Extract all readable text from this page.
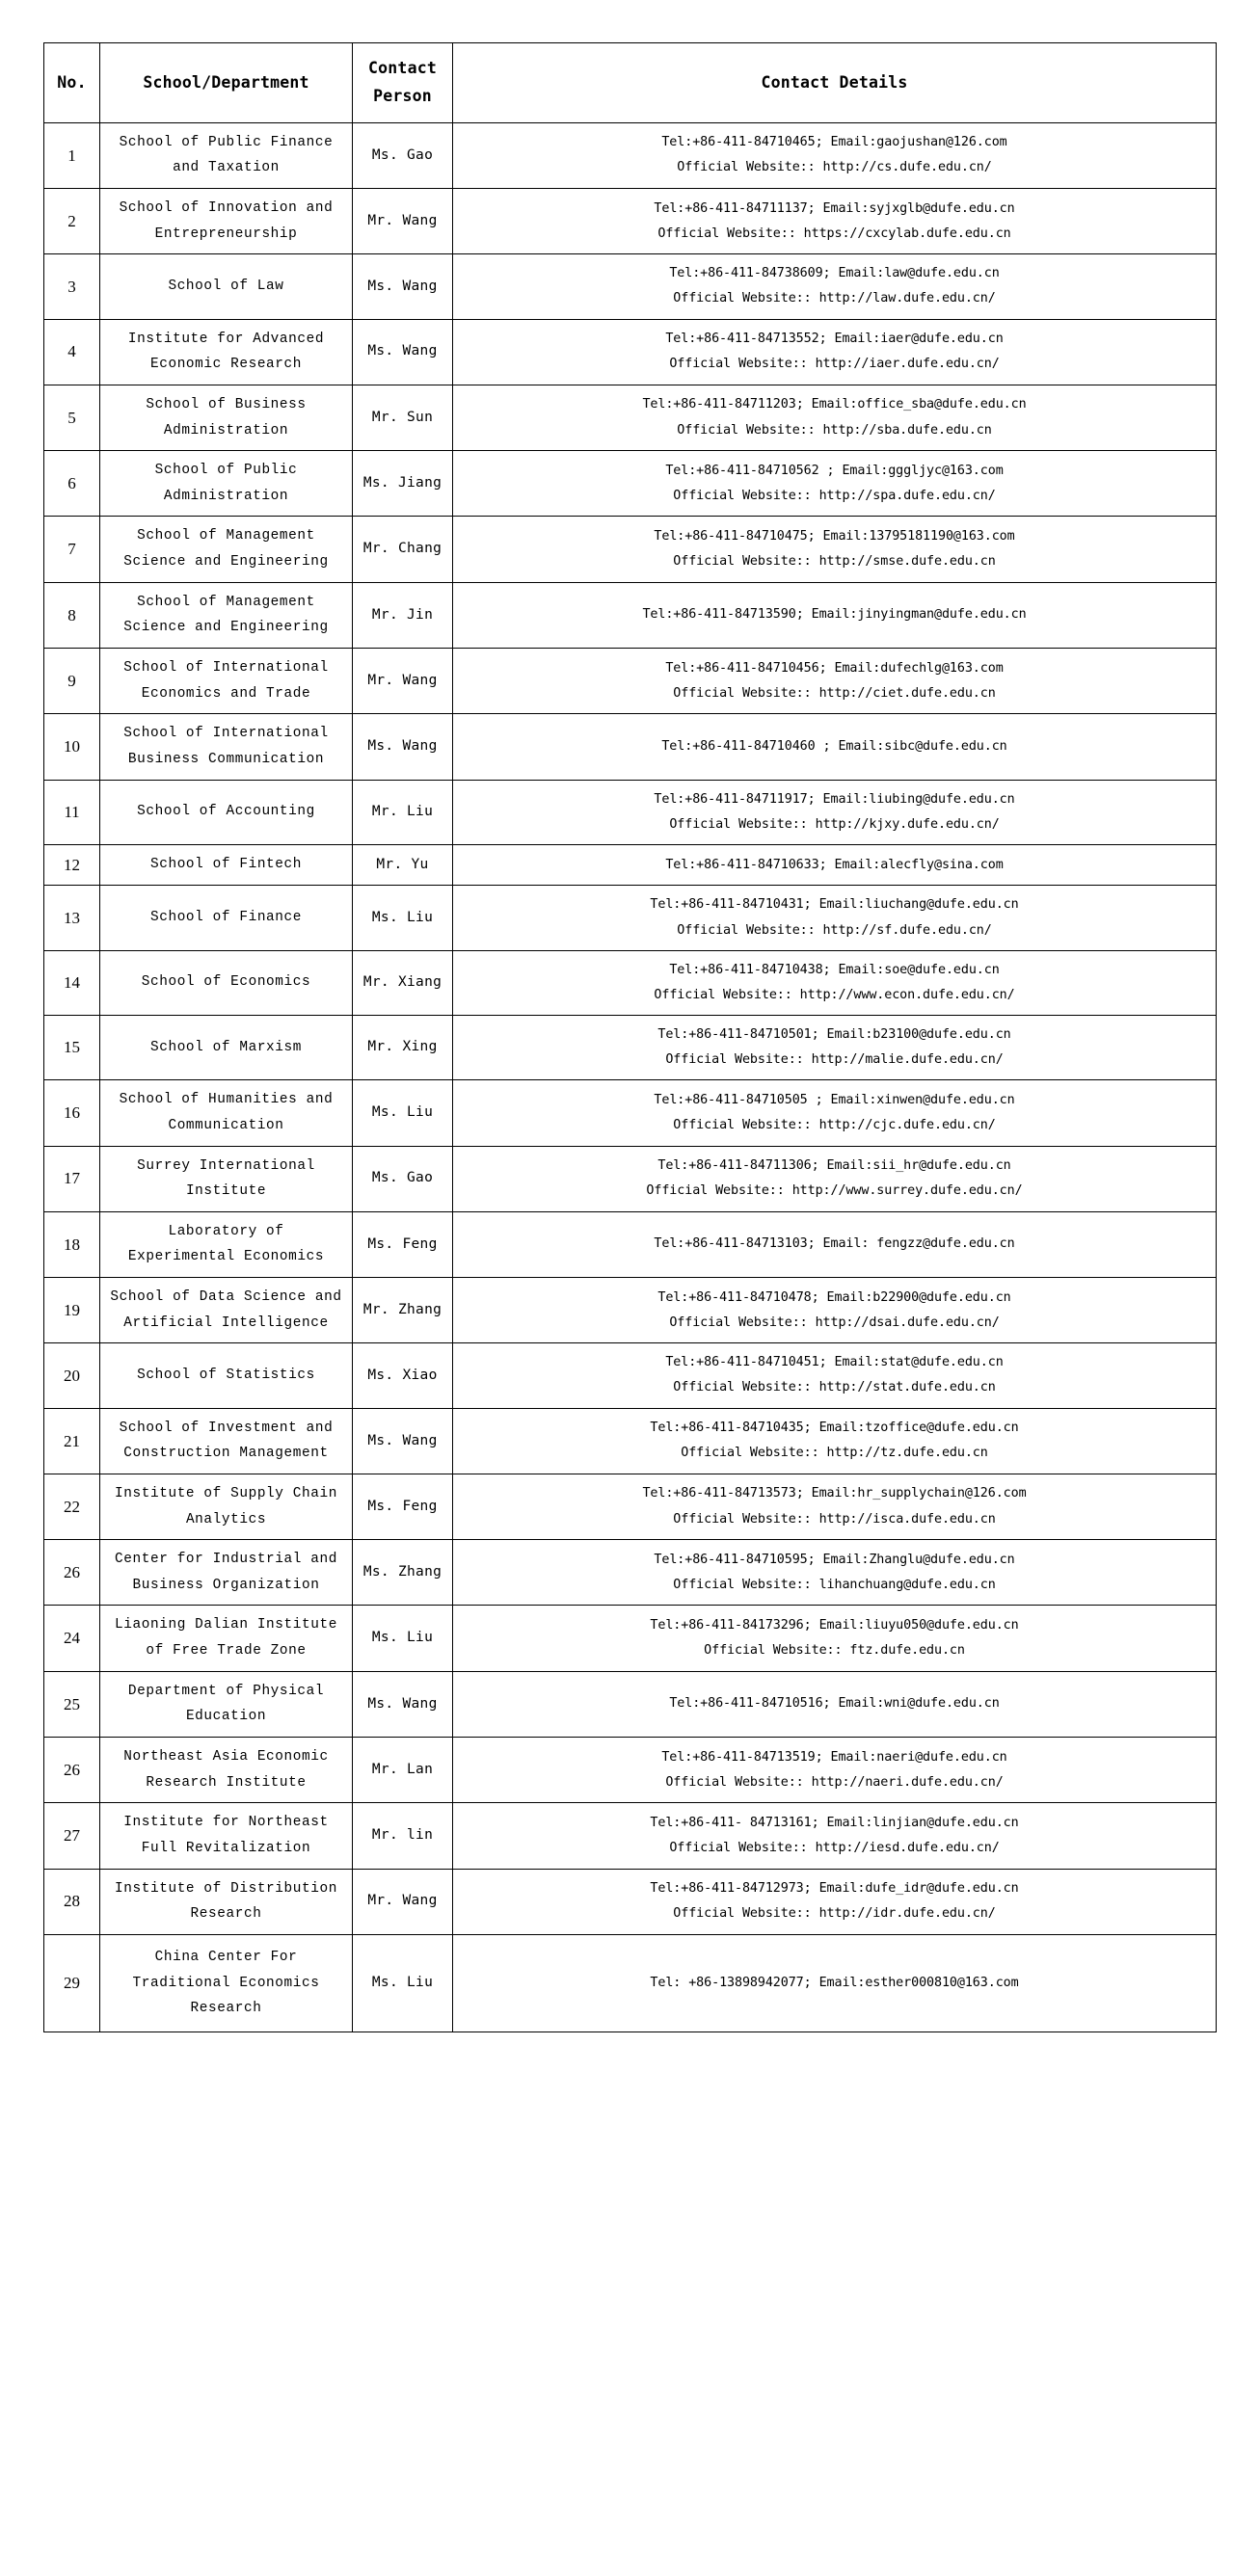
No.	School/Department	Contact
Person	Contact Details
1	School of Public Finance
and Taxation	Ms. Gao	Tel:+86-411-84710465; Email:gaojushan@126.com
Official Website:: http://cs.dufe.edu.cn/

2	School of Innovation and
Entrepreneurship	Mr. Wang	Tel:+86-411-84711137; Email:syjxglb@dufe.edu.cn
Official Website:: https://cxcylab.dufe.edu.cn

3	School of Law	Ms. Wang	Tel:+86-411-84738609; Email:law@dufe.edu.cn
Official Website:: http://law.dufe.edu.cn/

4	Institute for Advanced
Economic Research	Ms. Wang	Tel:+86-411-84713552; Email:iaer@dufe.edu.cn
Official Website:: http://iaer.dufe.edu.cn/

5	School of Business
Administration	Mr. Sun	Tel:+86-411-84711203; Email:office_sba@dufe.edu.cn
Official Website:: http://sba.dufe.edu.cn

6	School of Public
Administration	Ms. Jiang	Tel:+86-411-84710562 ; Email:gggljyc@163.com
Official Website:: http://spa.dufe.edu.cn/

7	School of Management
Science and Engineering	Mr. Chang	Tel:+86-411-84710475; Email:13795181190@163.com
Official Website:: http://smse.dufe.edu.cn

8	School of Management
Science and Engineering	Mr. Jin	Tel:+86-411-84713590; Email:jinyingman@dufe.edu.cn

9	School of International
Economics and Trade	Mr. Wang	Tel:+86-411-84710456; Email:dufechlg@163.com
Official Website:: http://ciet.dufe.edu.cn

10	School of International
Business Communication	Ms. Wang	Tel:+86-411-84710460 ; Email:sibc@dufe.edu.cn

11	School of Accounting	Mr. Liu	Tel:+86-411-84711917; Email:liubing@dufe.edu.cn
Official Website:: http://kjxy.dufe.edu.cn/

12	School of Fintech	Mr. Yu	Tel:+86-411-84710633; Email:alecfly@sina.com

13	School of Finance	Ms. Liu	Tel:+86-411-84710431; Email:liuchang@dufe.edu.cn
Official Website:: http://sf.dufe.edu.cn/

14	School of Economics	Mr. Xiang	Tel:+86-411-84710438; Email:soe@dufe.edu.cn
Official Website:: http://www.econ.dufe.edu.cn/

15	School of Marxism	Mr. Xing	Tel:+86-411-84710501; Email:b23100@dufe.edu.cn
Official Website:: http://malie.dufe.edu.cn/

16	School of Humanities and
Communication	Ms. Liu	Tel:+86-411-84710505 ; Email:xinwen@dufe.edu.cn
Official Website:: http://cjc.dufe.edu.cn/

17	Surrey International
Institute	Ms. Gao	Tel:+86-411-84711306; Email:sii_hr@dufe.edu.cn
Official Website:: http://www.surrey.dufe.edu.cn/

18	Laboratory of
Experimental Economics	Ms. Feng	Tel:+86-411-84713103; Email: fengzz@dufe.edu.cn

19	School of Data Science and
Artificial Intelligence	Mr. Zhang	Tel:+86-411-84710478; Email:b22900@dufe.edu.cn
Official Website:: http://dsai.dufe.edu.cn/

20	School of Statistics	Ms. Xiao	Tel:+86-411-84710451; Email:stat@dufe.edu.cn
Official Website:: http://stat.dufe.edu.cn

21	School of Investment and
Construction Management	Ms. Wang	Tel:+86-411-84710435; Email:tzoffice@dufe.edu.cn
Official Website:: http://tz.dufe.edu.cn

22	Institute of Supply Chain
Analytics	Ms. Feng	Tel:+86-411-84713573; Email:hr_supplychain@126.com
Official Website:: http://isca.dufe.edu.cn

26	Center for Industrial and
Business Organization	Ms. Zhang	Tel:+86-411-84710595; Email:Zhanglu@dufe.edu.cn
Official Website:: lihanchuang@dufe.edu.cn

24	Liaoning Dalian Institute
of Free Trade Zone	Ms. Liu	Tel:+86-411-84173296; Email:liuyu050@dufe.edu.cn
Official Website:: ftz.dufe.edu.cn

25	Department of Physical
Education	Ms. Wang	Tel:+86-411-84710516; Email:wni@dufe.edu.cn

26	Northeast Asia Economic
Research Institute	Mr. Lan	Tel:+86-411-84713519; Email:naeri@dufe.edu.cn
Official Website:: http://naeri.dufe.edu.cn/

27	Institute for Northeast
Full Revitalization	Mr. lin	Tel:+86-411- 84713161; Email:linjian@dufe.edu.cn
Official Website:: http://iesd.dufe.edu.cn/

28	Institute of Distribution
Research	Mr. Wang	Tel:+86-411-84712973; Email:dufe_idr@dufe.edu.cn
Official Website:: http://idr.dufe.edu.cn/

29	China Center For
Traditional Economics
Research	Ms. Liu	Tel: +86-13898942077; Email:esther000810@163.com
